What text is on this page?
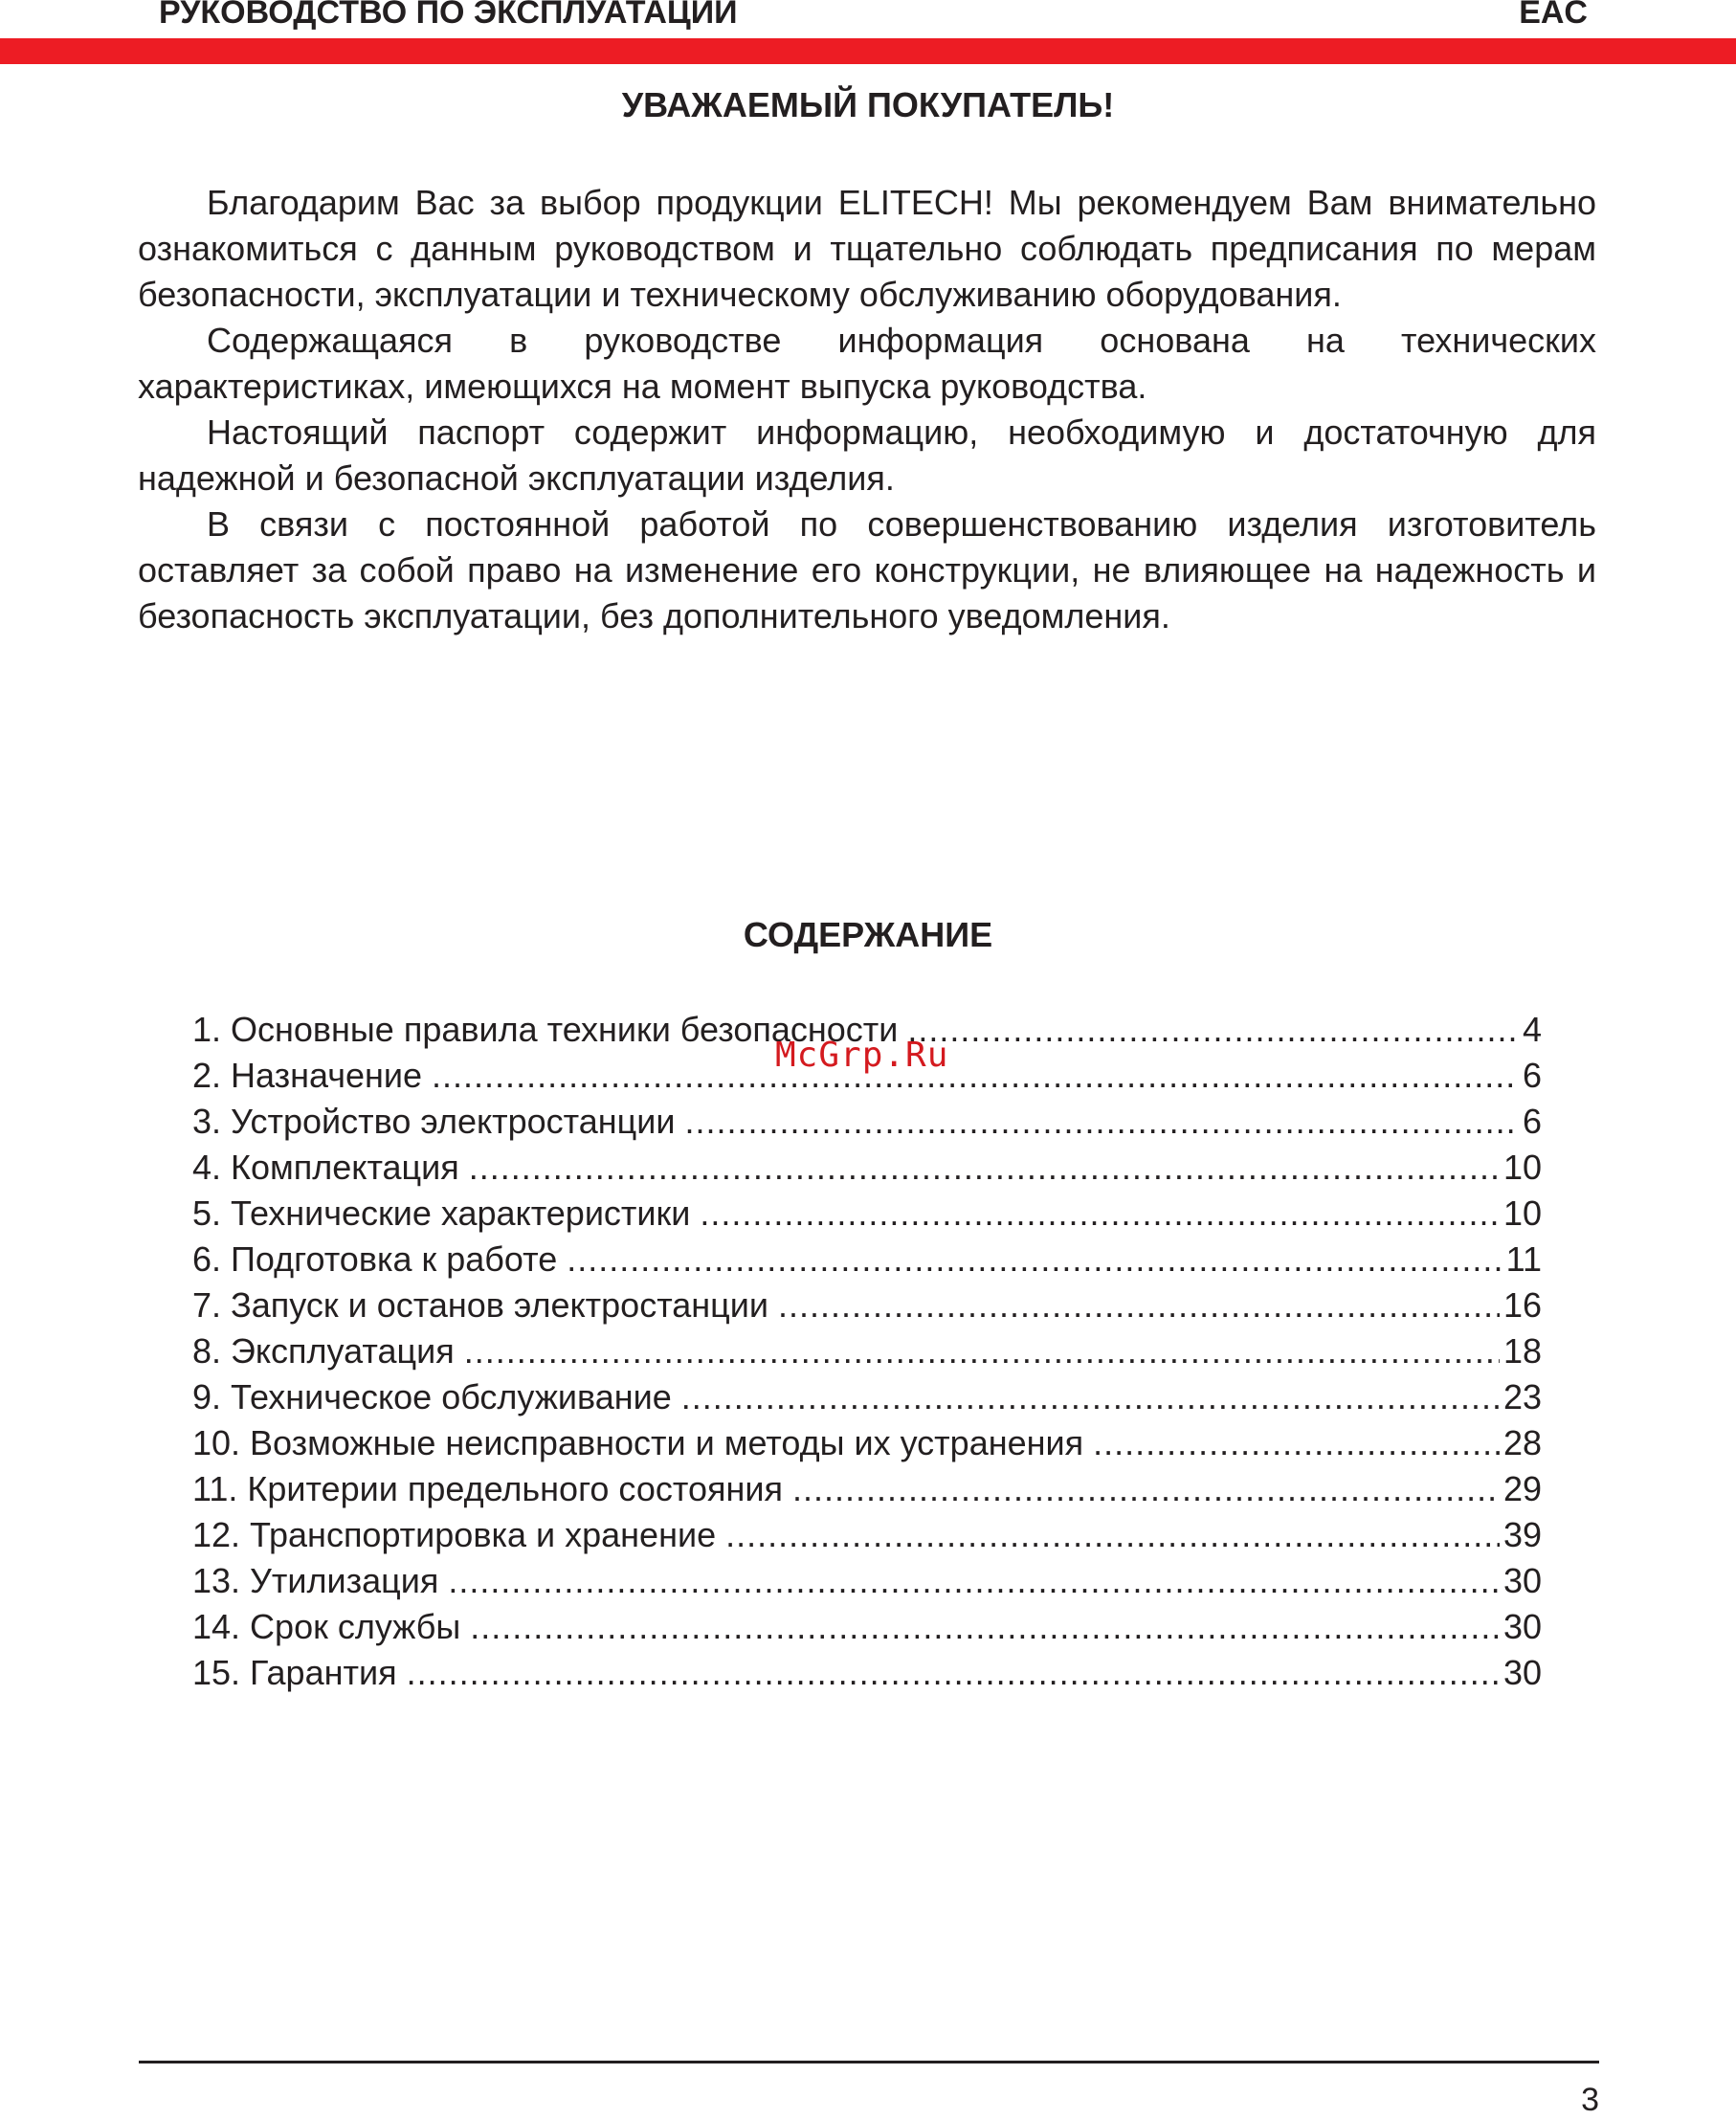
РУКОВОДСТВО ПО ЭКСПЛУАТАЦИИ	EAC
УВАЖАЕМЫЙ ПОКУПАТЕЛЬ!

Благодарим Вас за выбор продукции ELITECH! Мы рекомендуем Вам внимательно ознакомиться с данным руководством и тщательно соблюдать предписания по мерам безопасности, эксплуатации и техническому обслуживанию оборудования.

Содержащаяся в руководстве информация основана на технических характеристиках, имеющихся на момент выпуска руководства.

Настоящий паспорт содержит информацию, необходимую и достаточную для надежной и безопасной эксплуатации изделия.

В связи с постоянной работой по совершенствованию изделия изготовитель оставляет за собой право на изменение его конструкции, не влияющее на надежность и безопасность эксплуатации, без дополнительного уведомления.

СОДЕРЖАНИЕ
1. Основные правила техники безопасности .....	4
2. Назначение .....	6
3. Устройство электростанции .....	6
4. Комплектация .....	10
5. Технические характеристики .....	10
6. Подготовка к работе .....	11
7. Запуск и останов электростанции .....	16
8. Эксплуатация .....	18
9. Техническое обслуживание .....	23
10. Возможные неисправности и методы их устранения .....	28
11. Критерии предельного состояния .....	29
12. Транспортировка и хранение .....	39
13. Утилизация .....	30
14. Срок службы .....	30
15. Гарантия .....	30
McGrp.Ru
3
